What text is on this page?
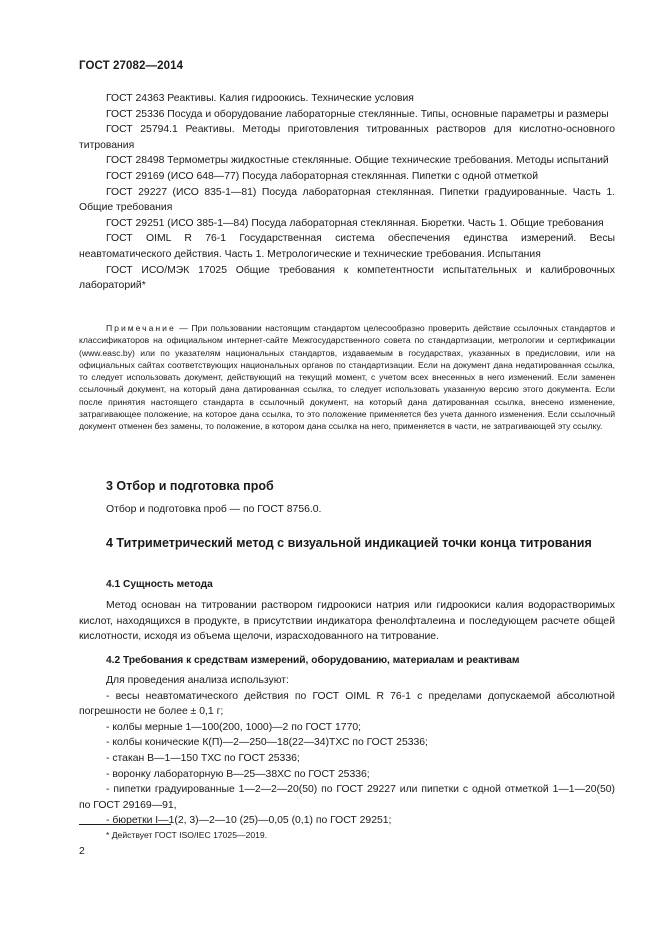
ГОСТ 27082—2014

ГОСТ 24363 Реактивы. Калия гидроокись. Технические условия

ГОСТ 25336 Посуда и оборудование лабораторные стеклянные. Типы, основные параметры и размеры

ГОСТ 25794.1 Реактивы. Методы приготовления титрованных растворов для кислотно-основного титрования

ГОСТ 28498 Термометры жидкостные стеклянные. Общие технические требования. Методы испытаний

ГОСТ 29169 (ИСО 648—77) Посуда лабораторная стеклянная. Пипетки с одной отметкой

ГОСТ 29227 (ИСО 835-1—81) Посуда лабораторная стеклянная. Пипетки градуированные. Часть 1. Общие требования

ГОСТ 29251 (ИСО 385-1—84) Посуда лабораторная стеклянная. Бюретки. Часть 1. Общие требования

ГОСТ OIML R 76-1 Государственная система обеспечения единства измерений. Весы неавтоматического действия. Часть 1. Метрологические и технические требования. Испытания

ГОСТ ИСО/МЭК 17025 Общие требования к компетентности испытательных и калибровочных лабораторий*

Примечание — При пользовании настоящим стандартом целесообразно проверить действие ссылочных стандартов и классификаторов на официальном интернет-сайте Межгосударственного совета по стандартизации, метрологии и сертификации (www.easc.by) или по указателям национальных стандартов, издаваемым в государствах, указанных в предисловии, или на официальных сайтах соответствующих национальных органов по стандартизации. Если на документ дана недатированная ссылка, то следует использовать документ, действующий на текущий момент, с учетом всех внесенных в него изменений. Если заменен ссылочный документ, на который дана датированная ссылка, то следует использовать указанную версию этого документа. Если после принятия настоящего стандарта в ссылочный документ, на который дана датированная ссылка, внесено изменение, затрагивающее положение, на которое дана ссылка, то это положение применяется без учета данного изменения. Если ссылочный документ отменен без замены, то положение, в котором дана ссылка на него, применяется в части, не затрагивающей эту ссылку.

3 Отбор и подготовка проб

Отбор и подготовка проб — по ГОСТ 8756.0.

4 Титриметрический метод с визуальной индикацией точки конца титрования
4.1 Сущность метода

Метод основан на титровании раствором гидроокиси натрия или гидроокиси калия водорастворимых кислот, находящихся в продукте, в присутствии индикатора фенолфталеина и последующем расчете общей кислотности, исходя из объема щелочи, израсходованного на титрование.

4.2 Требования к средствам измерений, оборудованию, материалам и реактивам

Для проведения анализа используют:

- весы неавтоматического действия по ГОСТ OIML R 76-1 с пределами допускаемой абсолютной погрешности не более ± 0,1 г;

- колбы мерные 1—100(200, 1000)—2 по ГОСТ 1770;

- колбы конические К(П)—2—250—18(22—34)ТХС по ГОСТ 25336;

- стакан В—1—150 ТХС по ГОСТ 25336;

- воронку лабораторную В—25—38ХС по ГОСТ 25336;

- пипетки градуированные 1—2—2—20(50) по ГОСТ 29227 или пипетки с одной отметкой 1—1—20(50) по ГОСТ 29169—91,

- бюретки I—1(2, 3)—2—10 (25)—0,05 (0,1) по ГОСТ 29251;

* Действует ГОСТ ISO/IEC 17025—2019.
2
